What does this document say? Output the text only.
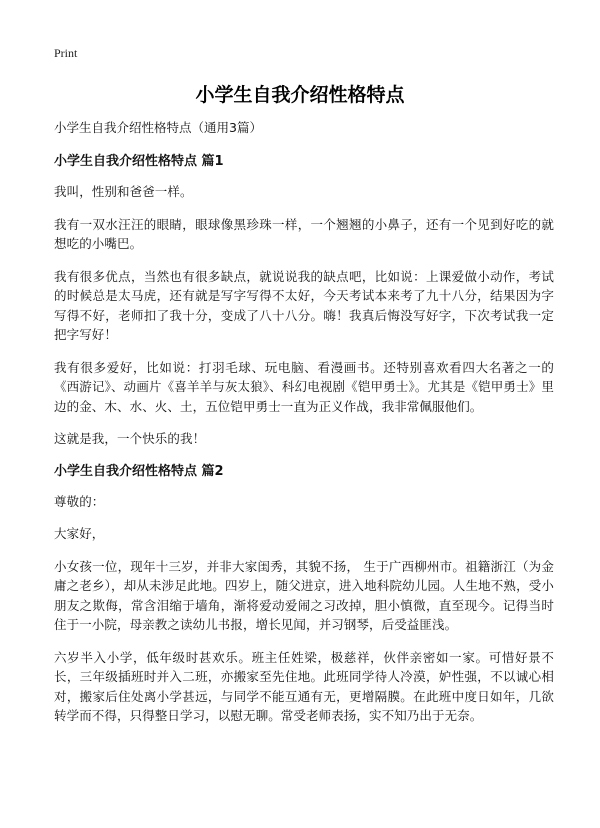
Print
小学生自我介绍性格特点

小学生自我介绍性格特点（通用3篇）

小学生自我介绍性格特点 篇1

我叫，性别和爸爸一样。

我有一双水汪汪的眼睛，眼球像黑珍珠一样，一个翘翘的小鼻子，还有一个见到好吃的就想吃的小嘴巴。

我有很多优点，当然也有很多缺点，就说说我的缺点吧，比如说：上课爱做小动作，考试的时候总是太马虎，还有就是写字写得不太好，今天考试本来考了九十八分，结果因为字写得不好，老师扣了我十分，变成了八十八分。嗨！我真后悔没写好字，下次考试我一定把字写好！

我有很多爱好，比如说：打羽毛球、玩电脑、看漫画书。还特别喜欢看四大名著之一的《西游记》、动画片《喜羊羊与灰太狼》、科幻电视剧《铠甲勇士》。尤其是《铠甲勇士》里边的金、木、水、火、土，五位铠甲勇士一直为正义作战，我非常佩服他们。

这就是我，一个快乐的我！

小学生自我介绍性格特点 篇2

尊敬的：

大家好，

小女孩一位，现年十三岁，并非大家闺秀，其貌不扬， 生于广西柳州市。祖籍浙江（为金庸之老乡），却从未涉足此地。四岁上，随父进京，进入地科院幼儿园。人生地不熟，受小朋友之欺侮，常含泪缩于墙角，渐将爱动爱闹之习改掉，胆小慎微，直至现今。记得当时住于一小院，母亲教之读幼儿书报，增长见闻，并习钢琴，后受益匪浅。

六岁半入小学，低年级时甚欢乐。班主任姓梁，极慈祥，伙伴亲密如一家。可惜好景不长，三年级插班时并入二班，亦搬家至先住地。此班同学待人冷漠，妒性强，不以诚心相对，搬家后住处离小学甚远，与同学不能互通有无，更增隔膜。在此班中度日如年，几欲转学而不得，只得整日学习，以慰无聊。常受老师表扬，实不知乃出于无奈。
